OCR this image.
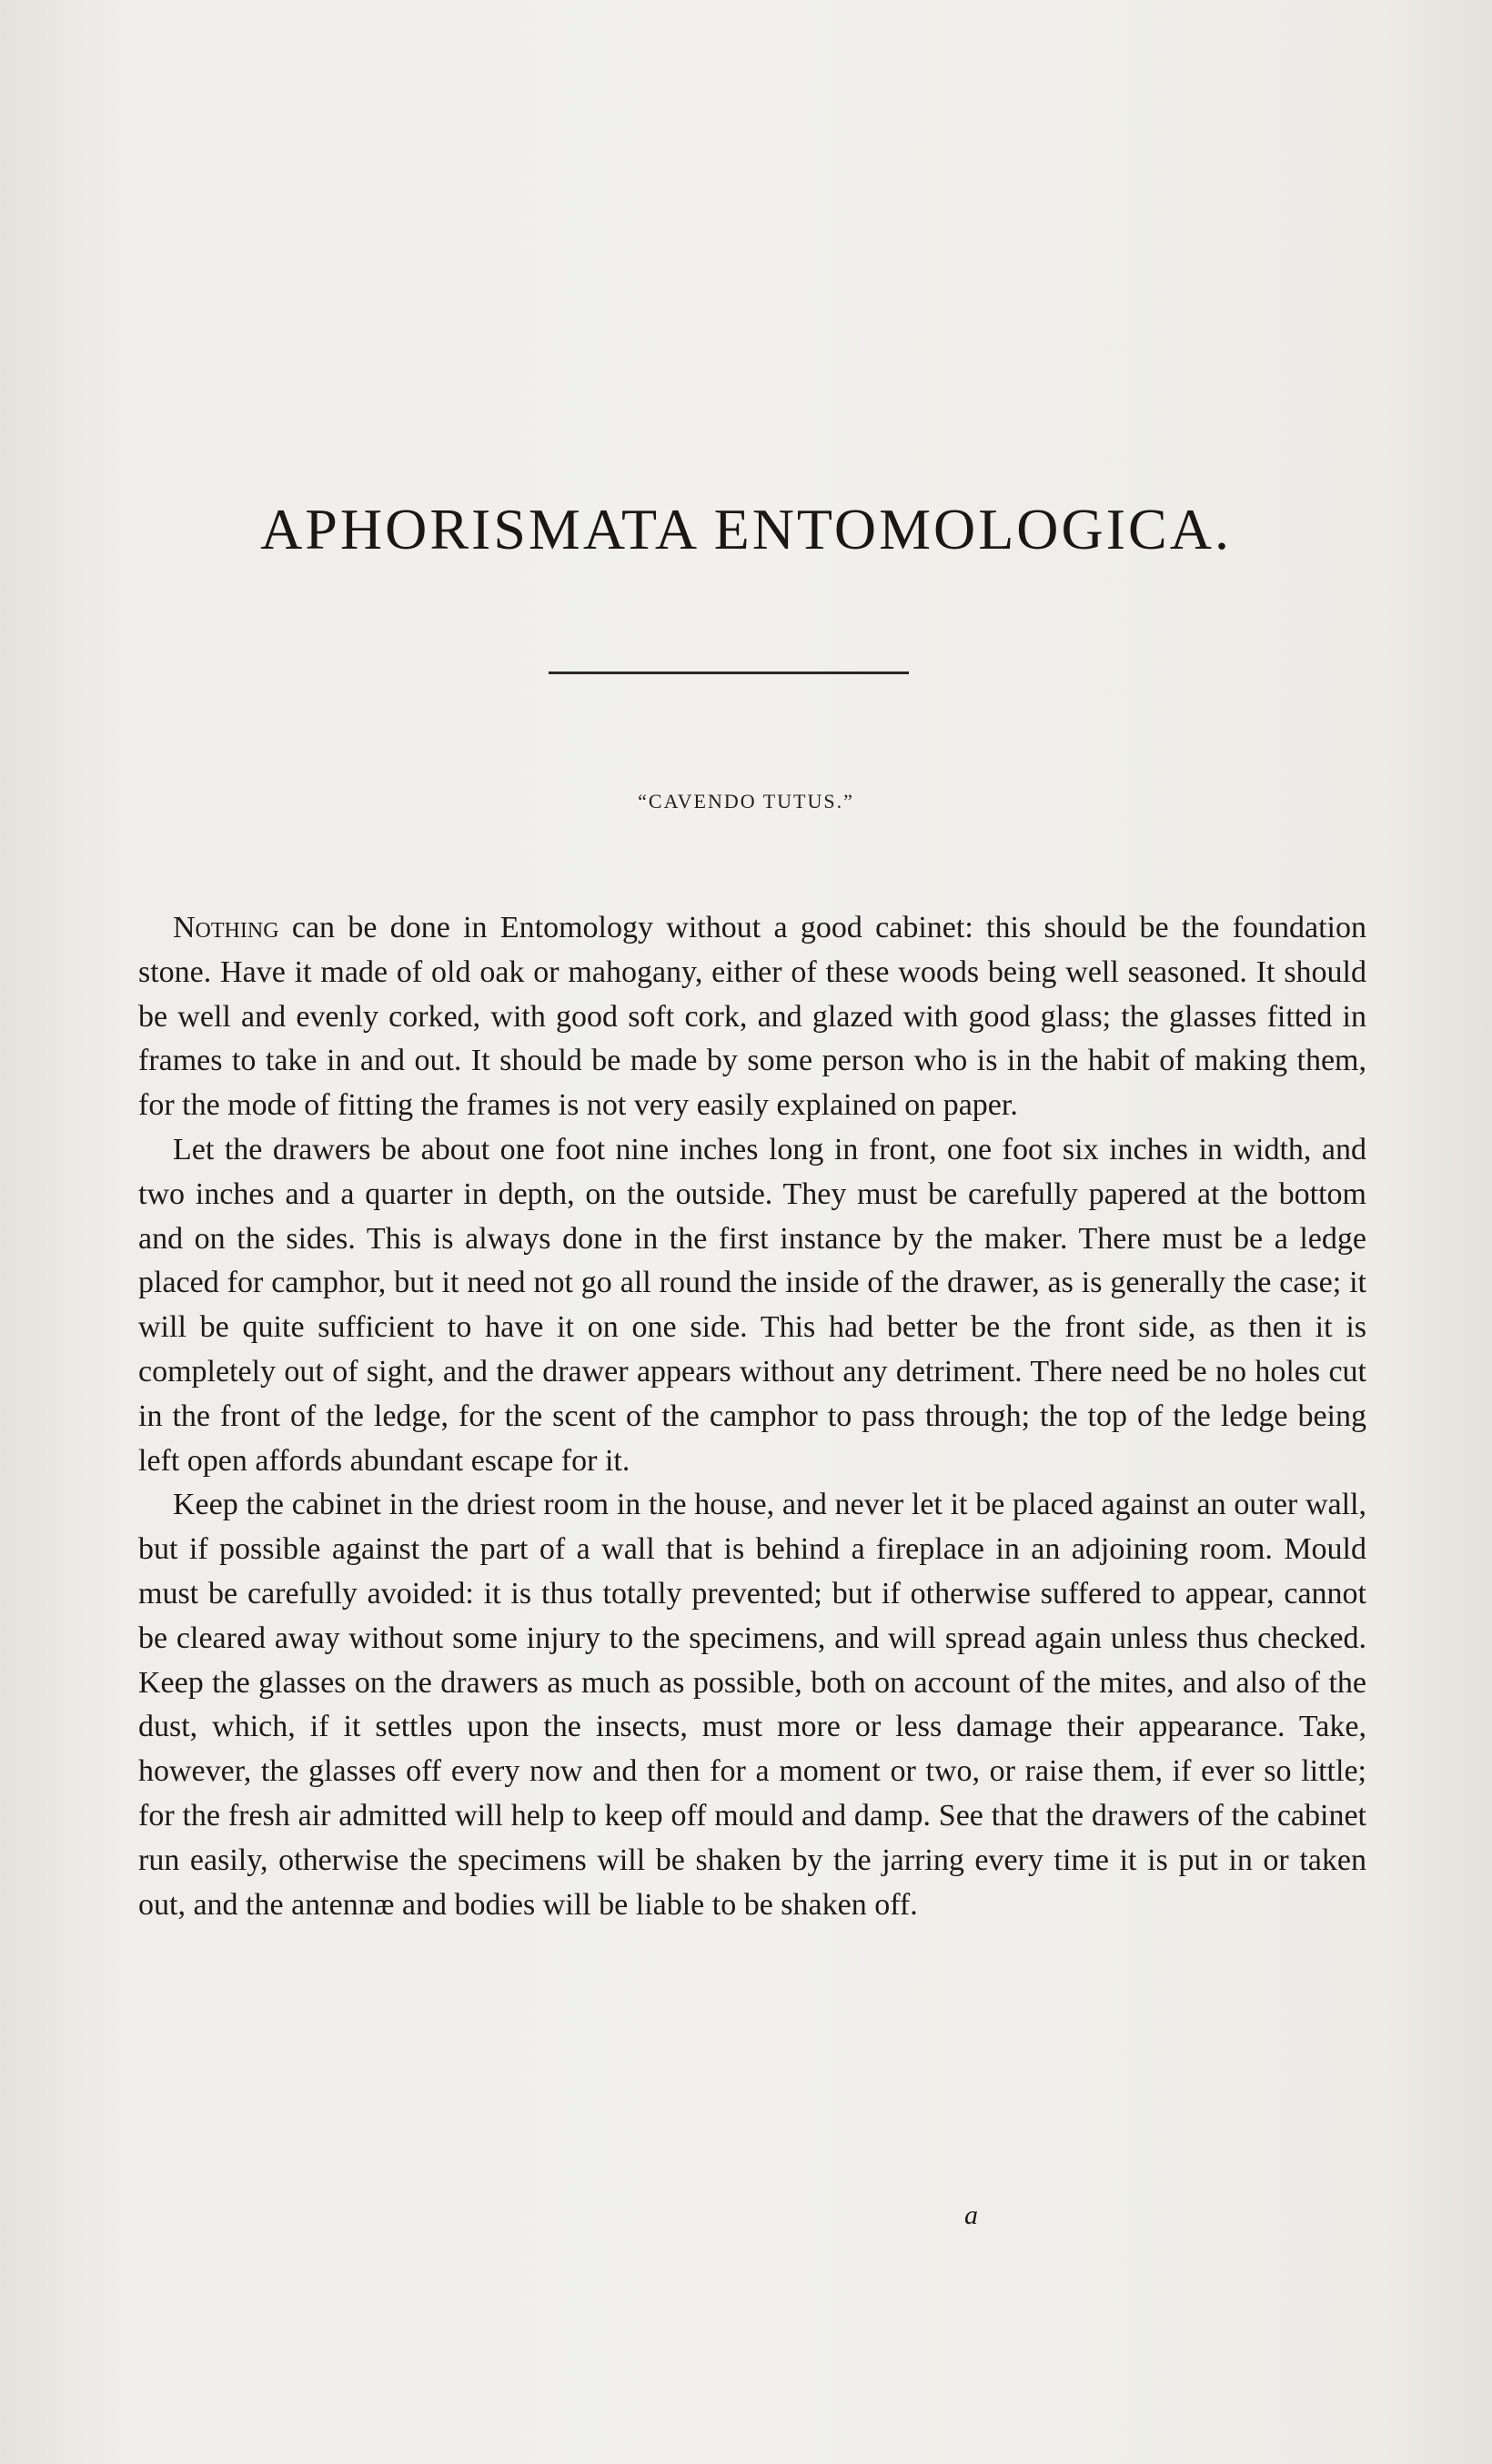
APHORISMATA ENTOMOLOGICA.
“CAVENDO TUTUS.”

Nothing can be done in Entomology without a good cabinet: this should be the foundation stone. Have it made of old oak or mahogany, either of these woods being well seasoned. It should be well and evenly corked, with good soft cork, and glazed with good glass; the glasses fitted in frames to take in and out. It should be made by some person who is in the habit of making them, for the mode of fitting the frames is not very easily explained on paper.

Let the drawers be about one foot nine inches long in front, one foot six inches in width, and two inches and a quarter in depth, on the outside. They must be carefully papered at the bottom and on the sides. This is always done in the first instance by the maker. There must be a ledge placed for camphor, but it need not go all round the inside of the drawer, as is generally the case; it will be quite sufficient to have it on one side. This had better be the front side, as then it is completely out of sight, and the drawer appears without any detriment. There need be no holes cut in the front of the ledge, for the scent of the camphor to pass through; the top of the ledge being left open affords abundant escape for it.

Keep the cabinet in the driest room in the house, and never let it be placed against an outer wall, but if possible against the part of a wall that is behind a fireplace in an adjoining room. Mould must be carefully avoided: it is thus totally prevented; but if otherwise suffered to appear, cannot be cleared away without some injury to the specimens, and will spread again unless thus checked. Keep the glasses on the drawers as much as possible, both on account of the mites, and also of the dust, which, if it settles upon the insects, must more or less damage their appearance. Take, however, the glasses off every now and then for a moment or two, or raise them, if ever so little; for the fresh air admitted will help to keep off mould and damp. See that the drawers of the cabinet run easily, otherwise the specimens will be shaken by the jarring every time it is put in or taken out, and the antennæ and bodies will be liable to be shaken off.

a
